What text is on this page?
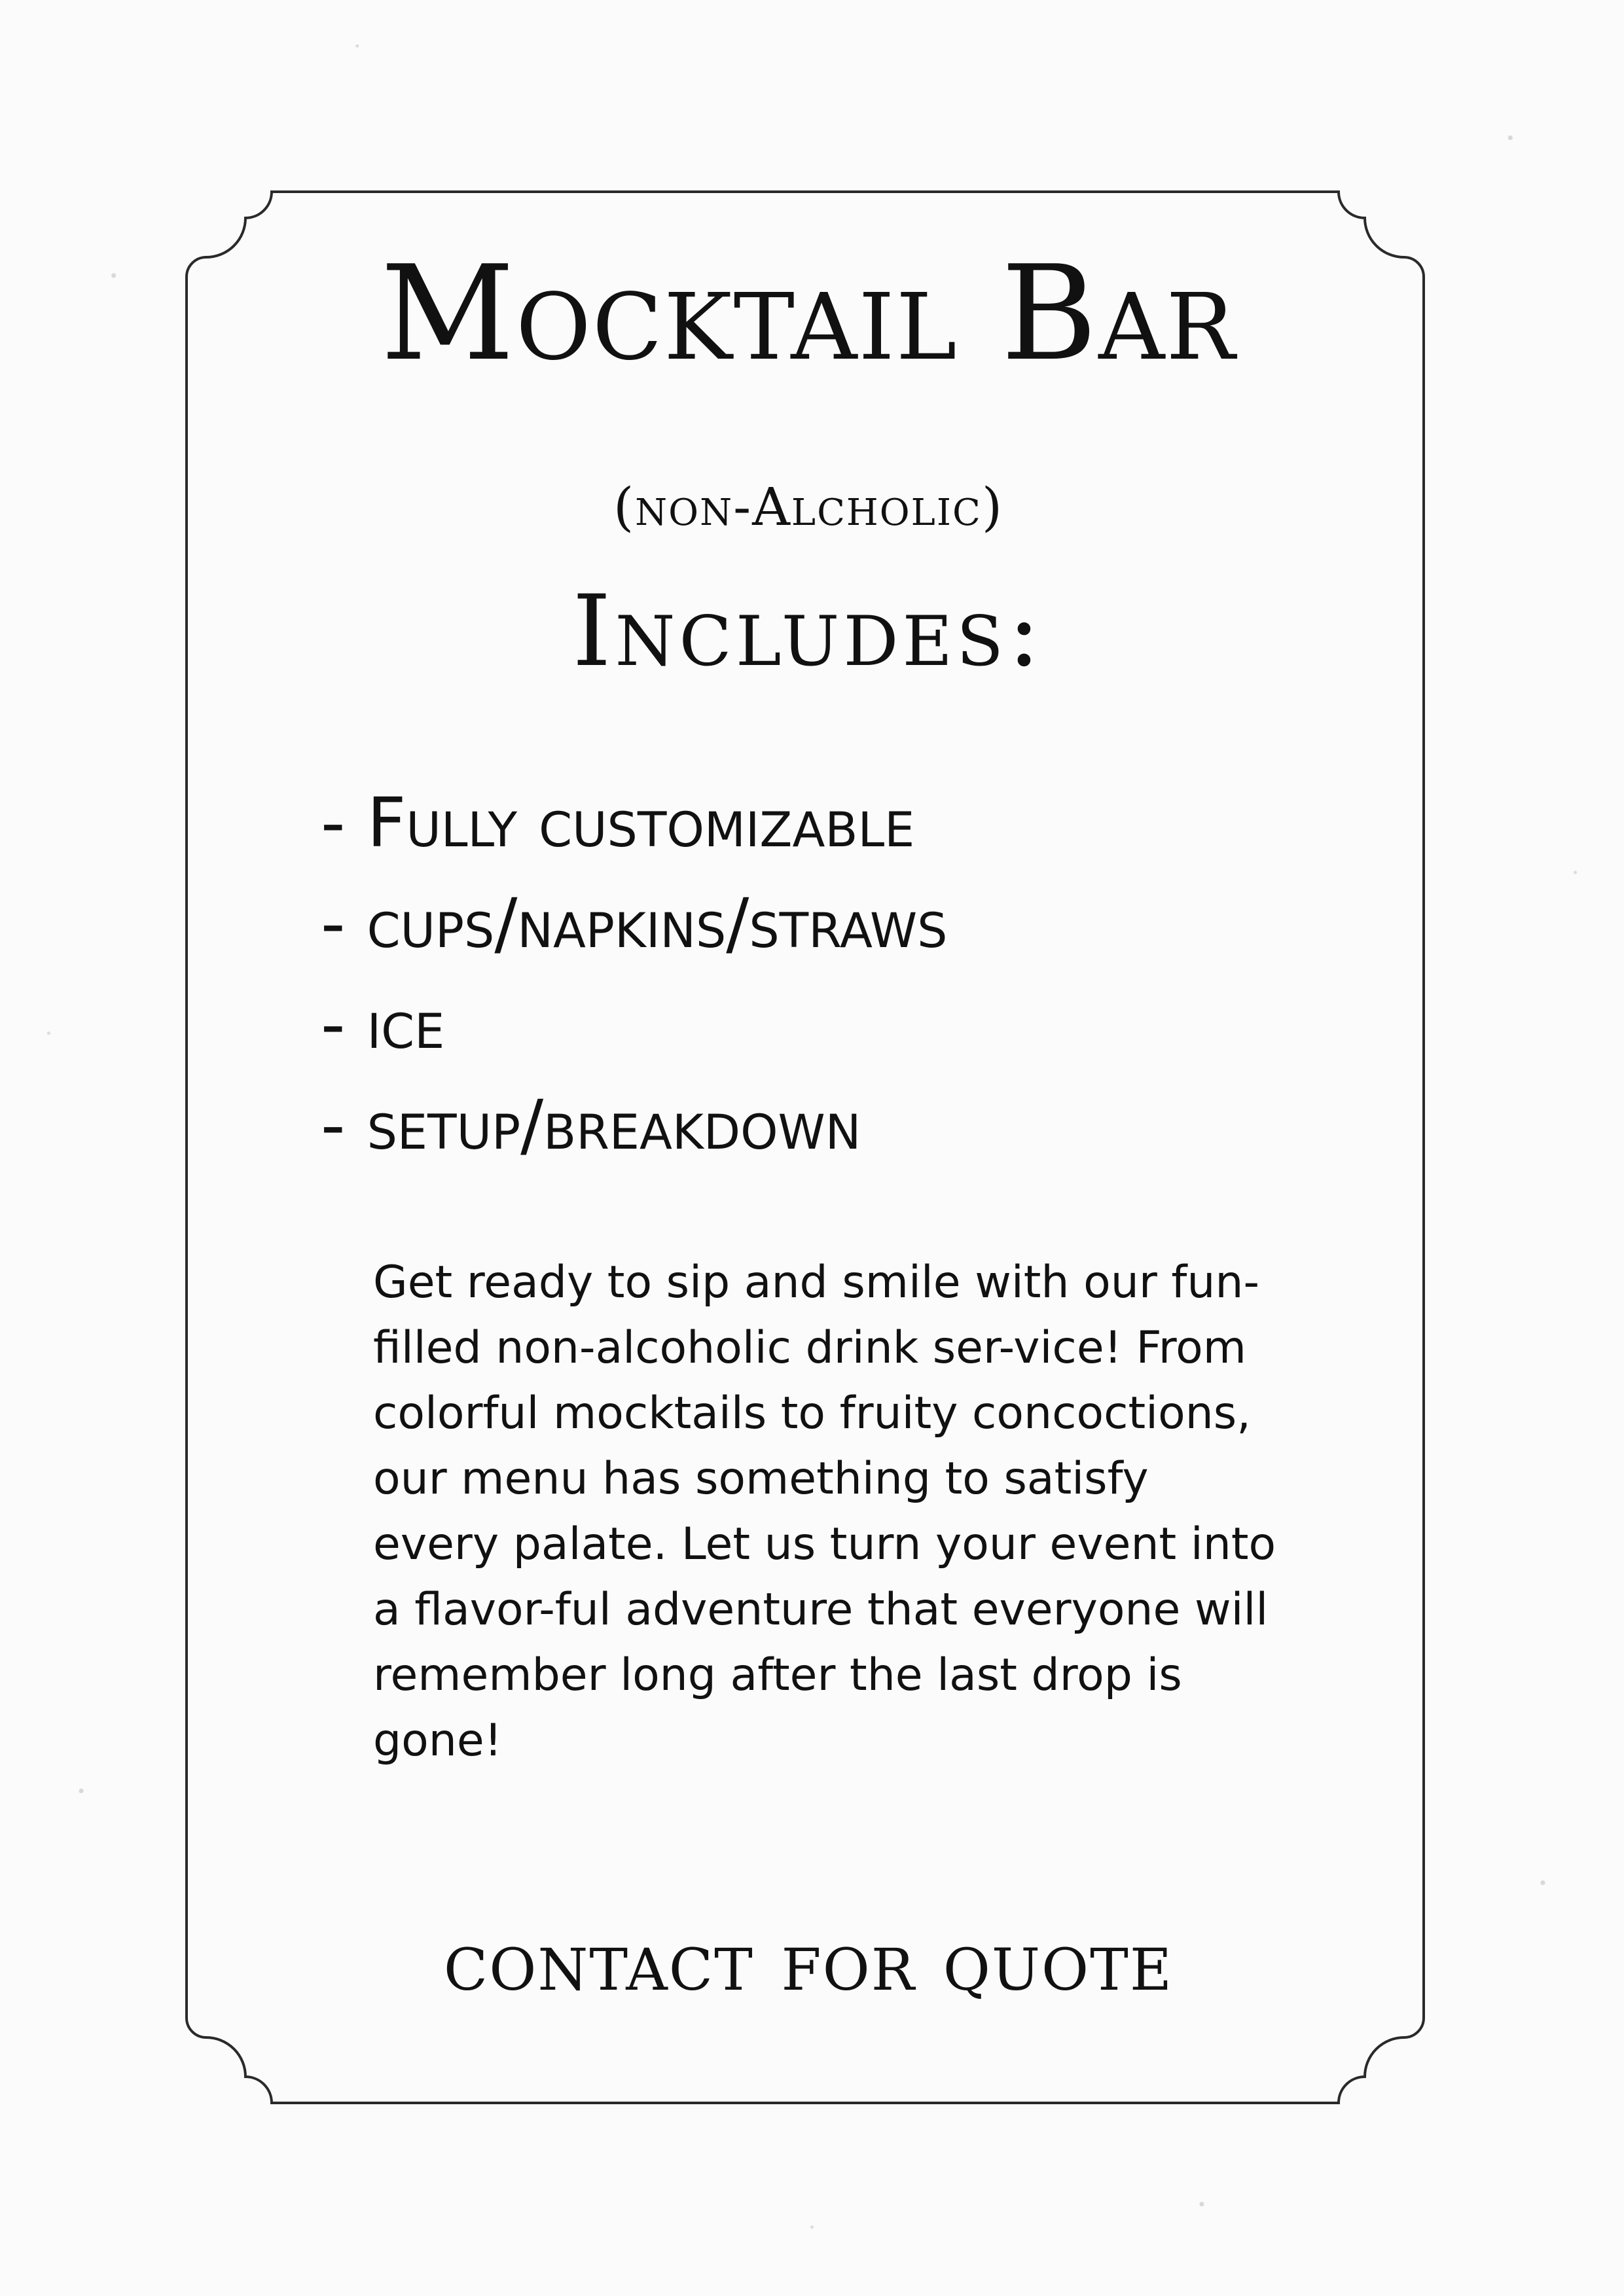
Mocktail Bar
(non-Alcholic)
Includes:
- Fully customizable
- cups/napkins/straws
- ice
- setup/breakdown

Get ready to sip and smile with our fun-filled non-alcoholic drink ser-vice! From colorful mocktails to fruity concoctions, our menu has something to satisfy every palate. Let us turn your event into a flavor-ful adventure that everyone will remember long after the last drop is gone!

contact for quote
